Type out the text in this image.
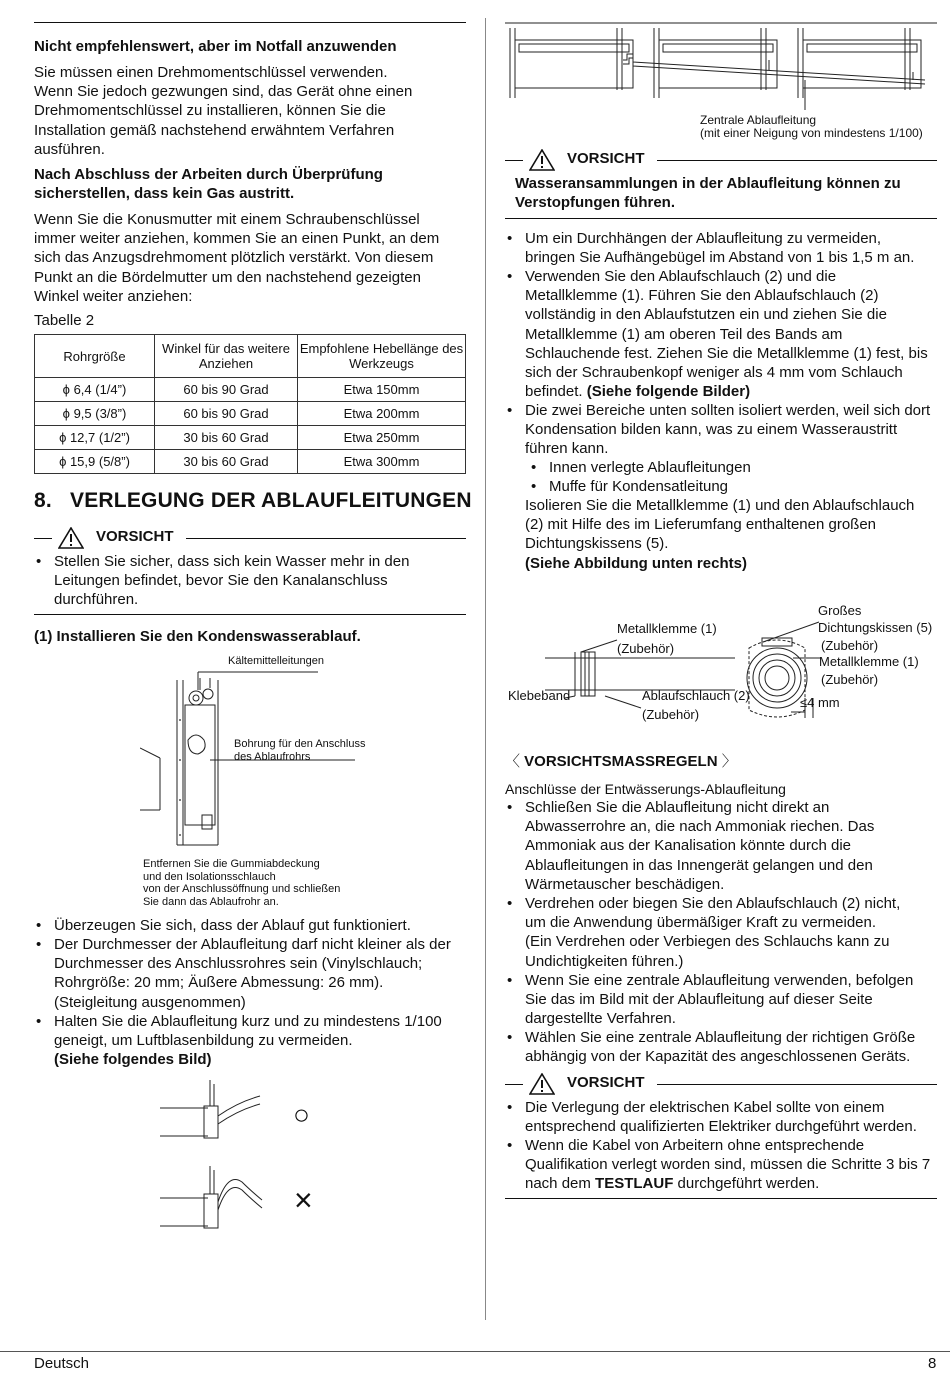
Nicht empfehlenswert, aber im Notfall anzuwenden
Sie müssen einen Drehmomentschlüssel verwenden.
Wenn Sie jedoch gezwungen sind, das Gerät ohne einen
Drehmomentschlüssel zu installieren, können Sie die
Installation gemäß nachstehend erwähntem Verfahren
ausführen.
Nach Abschluss der Arbeiten durch Überprüfung
sicherstellen, dass kein Gas austritt.
Wenn Sie die Konusmutter mit einem Schraubenschlüssel
immer weiter anziehen, kommen Sie an einen Punkt, an dem
sich das Anzugsdrehmoment plötzlich verstärkt. Von diesem
Punkt an die Bördelmutter um den nachstehend gezeigten
Winkel weiter anziehen:
Tabelle 2
Rohrgröße	Winkel für das weitere Anziehen	Empfohlene Hebellänge des Werkzeugs
ϕ 6,4 (1/4”)	60 bis 90 Grad	Etwa 150mm
ϕ 9,5 (3/8”)	60 bis 90 Grad	Etwa 200mm
ϕ 12,7 (1/2”)	30 bis 60 Grad	Etwa 250mm
ϕ 15,9 (5/8”)	30 bis 60 Grad	Etwa 300mm
8.   VERLEGUNG DER ABLAUFLEITUNGEN
VORSICHT
• Stellen Sie sicher, dass sich kein Wasser mehr in den
Leitungen befindet, bevor Sie den Kanalanschluss
durchführen.
(1) Installieren Sie den Kondenswasserablauf.
Kältemittelleitungen
Bohrung für den Anschluss
des Ablaufrohrs
Entfernen Sie die Gummiabdeckung
und den Isolationsschlauch
von der Anschlussöffnung und schließen
Sie dann das Ablaufrohr an.
• Überzeugen Sie sich, dass der Ablauf gut funktioniert.
• Der Durchmesser der Ablaufleitung darf nicht kleiner als der
Durchmesser des Anschlussrohres sein (Vinylschlauch;
Rohrgröße: 20 mm; Äußere Abmessung: 26 mm).
(Steigleitung ausgenommen)
• Halten Sie die Ablaufleitung kurz und zu mindestens 1/100
geneigt, um Luftblasenbildung zu vermeiden.
(Siehe folgendes Bild)
○
×
Zentrale Ablaufleitung
(mit einer Neigung von mindestens 1/100)
VORSICHT
Wasseransammlungen in der Ablaufleitung können zu
Verstopfungen führen.
• Um ein Durchhängen der Ablaufleitung zu vermeiden,
bringen Sie Aufhängebügel im Abstand von 1 bis 1,5 m an.
• Verwenden Sie den Ablaufschlauch (2) und die
Metallklemme (1). Führen Sie den Ablaufschlauch (2)
vollständig in den Ablaufstutzen ein und ziehen Sie die
Metallklemme (1) am oberen Teil des Bands am
Schlauchende fest. Ziehen Sie die Metallklemme (1) fest, bis
sich der Schraubenkopf weniger als 4 mm vom Schlauch
befindet. (Siehe folgende Bilder)
• Die zwei Bereiche unten sollten isoliert werden, weil sich dort
Kondensation bilden kann, was zu einem Wasseraustritt
führen kann.
• Innen verlegte Ablaufleitungen
• Muffe für Kondensatleitung
Isolieren Sie die Metallklemme (1) und den Ablaufschlauch
(2) mit Hilfe des im Lieferumfang enthaltenen großen
Dichtungskissens (5).
(Siehe Abbildung unten rechts)
Metallklemme (1)
(Zubehör)
Klebeband	Ablaufschlauch (2)
(Zubehör)
Großes
Dichtungskissen (5)
(Zubehör)
Metallklemme (1)
(Zubehör)
≤4 mm
〈 VORSICHTSMASSREGELN 〉
Anschlüsse der Entwässerungs-Ablaufleitung
• Schließen Sie die Ablaufleitung nicht direkt an
Abwasserrohre an, die nach Ammoniak riechen. Das
Ammoniak aus der Kanalisation könnte durch die
Ablaufleitungen in das Innengerät gelangen und den
Wärmetauscher beschädigen.
• Verdrehen oder biegen Sie den Ablaufschlauch (2) nicht,
um die Anwendung übermäßiger Kraft zu vermeiden.
(Ein Verdrehen oder Verbiegen des Schlauchs kann zu
Undichtigkeiten führen.)
• Wenn Sie eine zentrale Ablaufleitung verwenden, befolgen
Sie das im Bild mit der Ablaufleitung auf dieser Seite
dargestellte Verfahren.
• Wählen Sie eine zentrale Ablaufleitung der richtigen Größe
abhängig von der Kapazität des angeschlossenen Geräts.
VORSICHT
• Die Verlegung der elektrischen Kabel sollte von einem
entsprechend qualifizierten Elektriker durchgeführt werden.
• Wenn die Kabel von Arbeitern ohne entsprechende
Qualifikation verlegt worden sind, müssen die Schritte 3 bis 7
nach dem TESTLAUF durchgeführt werden.
Deutsch	8
